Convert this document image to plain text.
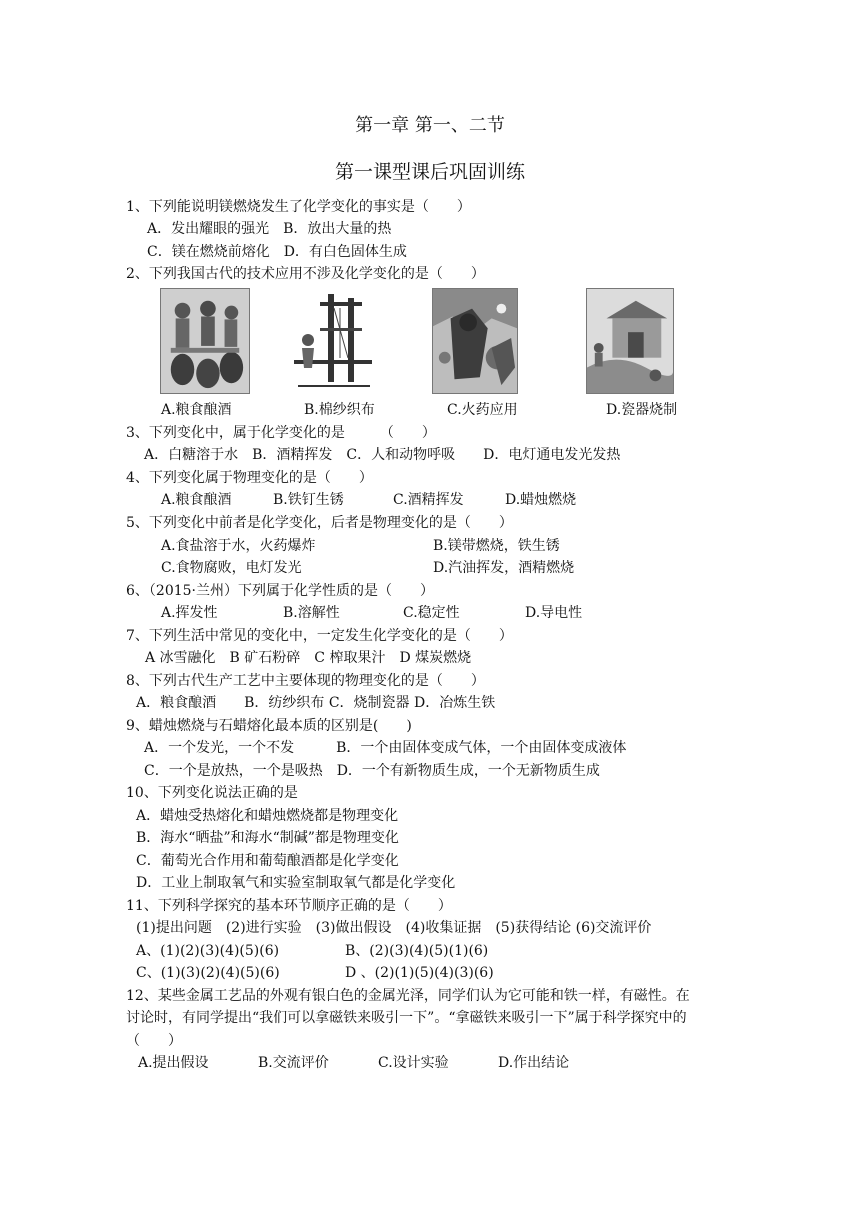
第一章 第一、二节
第一课型课后巩固训练
1、下列能说明镁燃烧发生了化学变化的事实是（　　）
A．发出耀眼的强光　B．放出大量的热
C．镁在燃烧前熔化　D．有白色固体生成
2、下列我国古代的技术应用不涉及化学变化的是（　　）
A.粮食酿酒	B.棉纱织布	C.火药应用	D.瓷器烧制
3、下列变化中，属于化学变化的是　　　（　　）
A．白糖溶于水　B．酒精挥发　C．人和动物呼吸　　D．电灯通电发光发热
4、下列变化属于物理变化的是（　　）
A.粮食酿酒	B.铁钉生锈	C.酒精挥发	D.蜡烛燃烧
5、下列变化中前者是化学变化，后者是物理变化的是（　　）
A.食盐溶于水，火药爆炸	B.镁带燃烧，铁生锈
C.食物腐败，电灯发光	D.汽油挥发，酒精燃烧
6、（2015·兰州）下列属于化学性质的是（　　）
A.挥发性	B.溶解性	C.稳定性	D.导电性
7、下列生活中常见的变化中，一定发生化学变化的是（　　）
A 冰雪融化　B 矿石粉碎　C 榨取果汁　D 煤炭燃烧
8、下列古代生产工艺中主要体现的物理变化的是（　　）
A．粮食酿酒　　B．纺纱织布 C．烧制瓷器 D．冶炼生铁
9、蜡烛燃烧与石蜡熔化最本质的区别是(　　)
A．一个发光，一个不发　　　B．一个由固体变成气体，一个由固体变成液体
C．一个是放热，一个是吸热　D．一个有新物质生成，一个无新物质生成
10、下列变化说法正确的是
A．蜡烛受热熔化和蜡烛燃烧都是物理变化
B．海水“晒盐”和海水“制碱”都是物理变化
C．葡萄光合作用和葡萄酿酒都是化学变化
D．工业上制取氧气和实验室制取氧气都是化学变化
11、下列科学探究的基本环节顺序正确的是（　　）
(1)提出问题　(2)进行实验　(3)做出假设　(4)收集证据　(5)获得结论 (6)交流评价
A、(1)(2)(3)(4)(5)(6)	B、(2)(3)(4)(5)(1)(6)
C、(1)(3)(2)(4)(5)(6)	D 、(2)(1)(5)(4)(3)(6)
12、某些金属工艺品的外观有银白色的金属光泽，同学们认为它可能和铁一样，有磁性。在
讨论时，有同学提出“我们可以拿磁铁来吸引一下”。“拿磁铁来吸引一下”属于科学探究中的
（　　）
A.提出假设	B.交流评价	C.设计实验	D.作出结论
